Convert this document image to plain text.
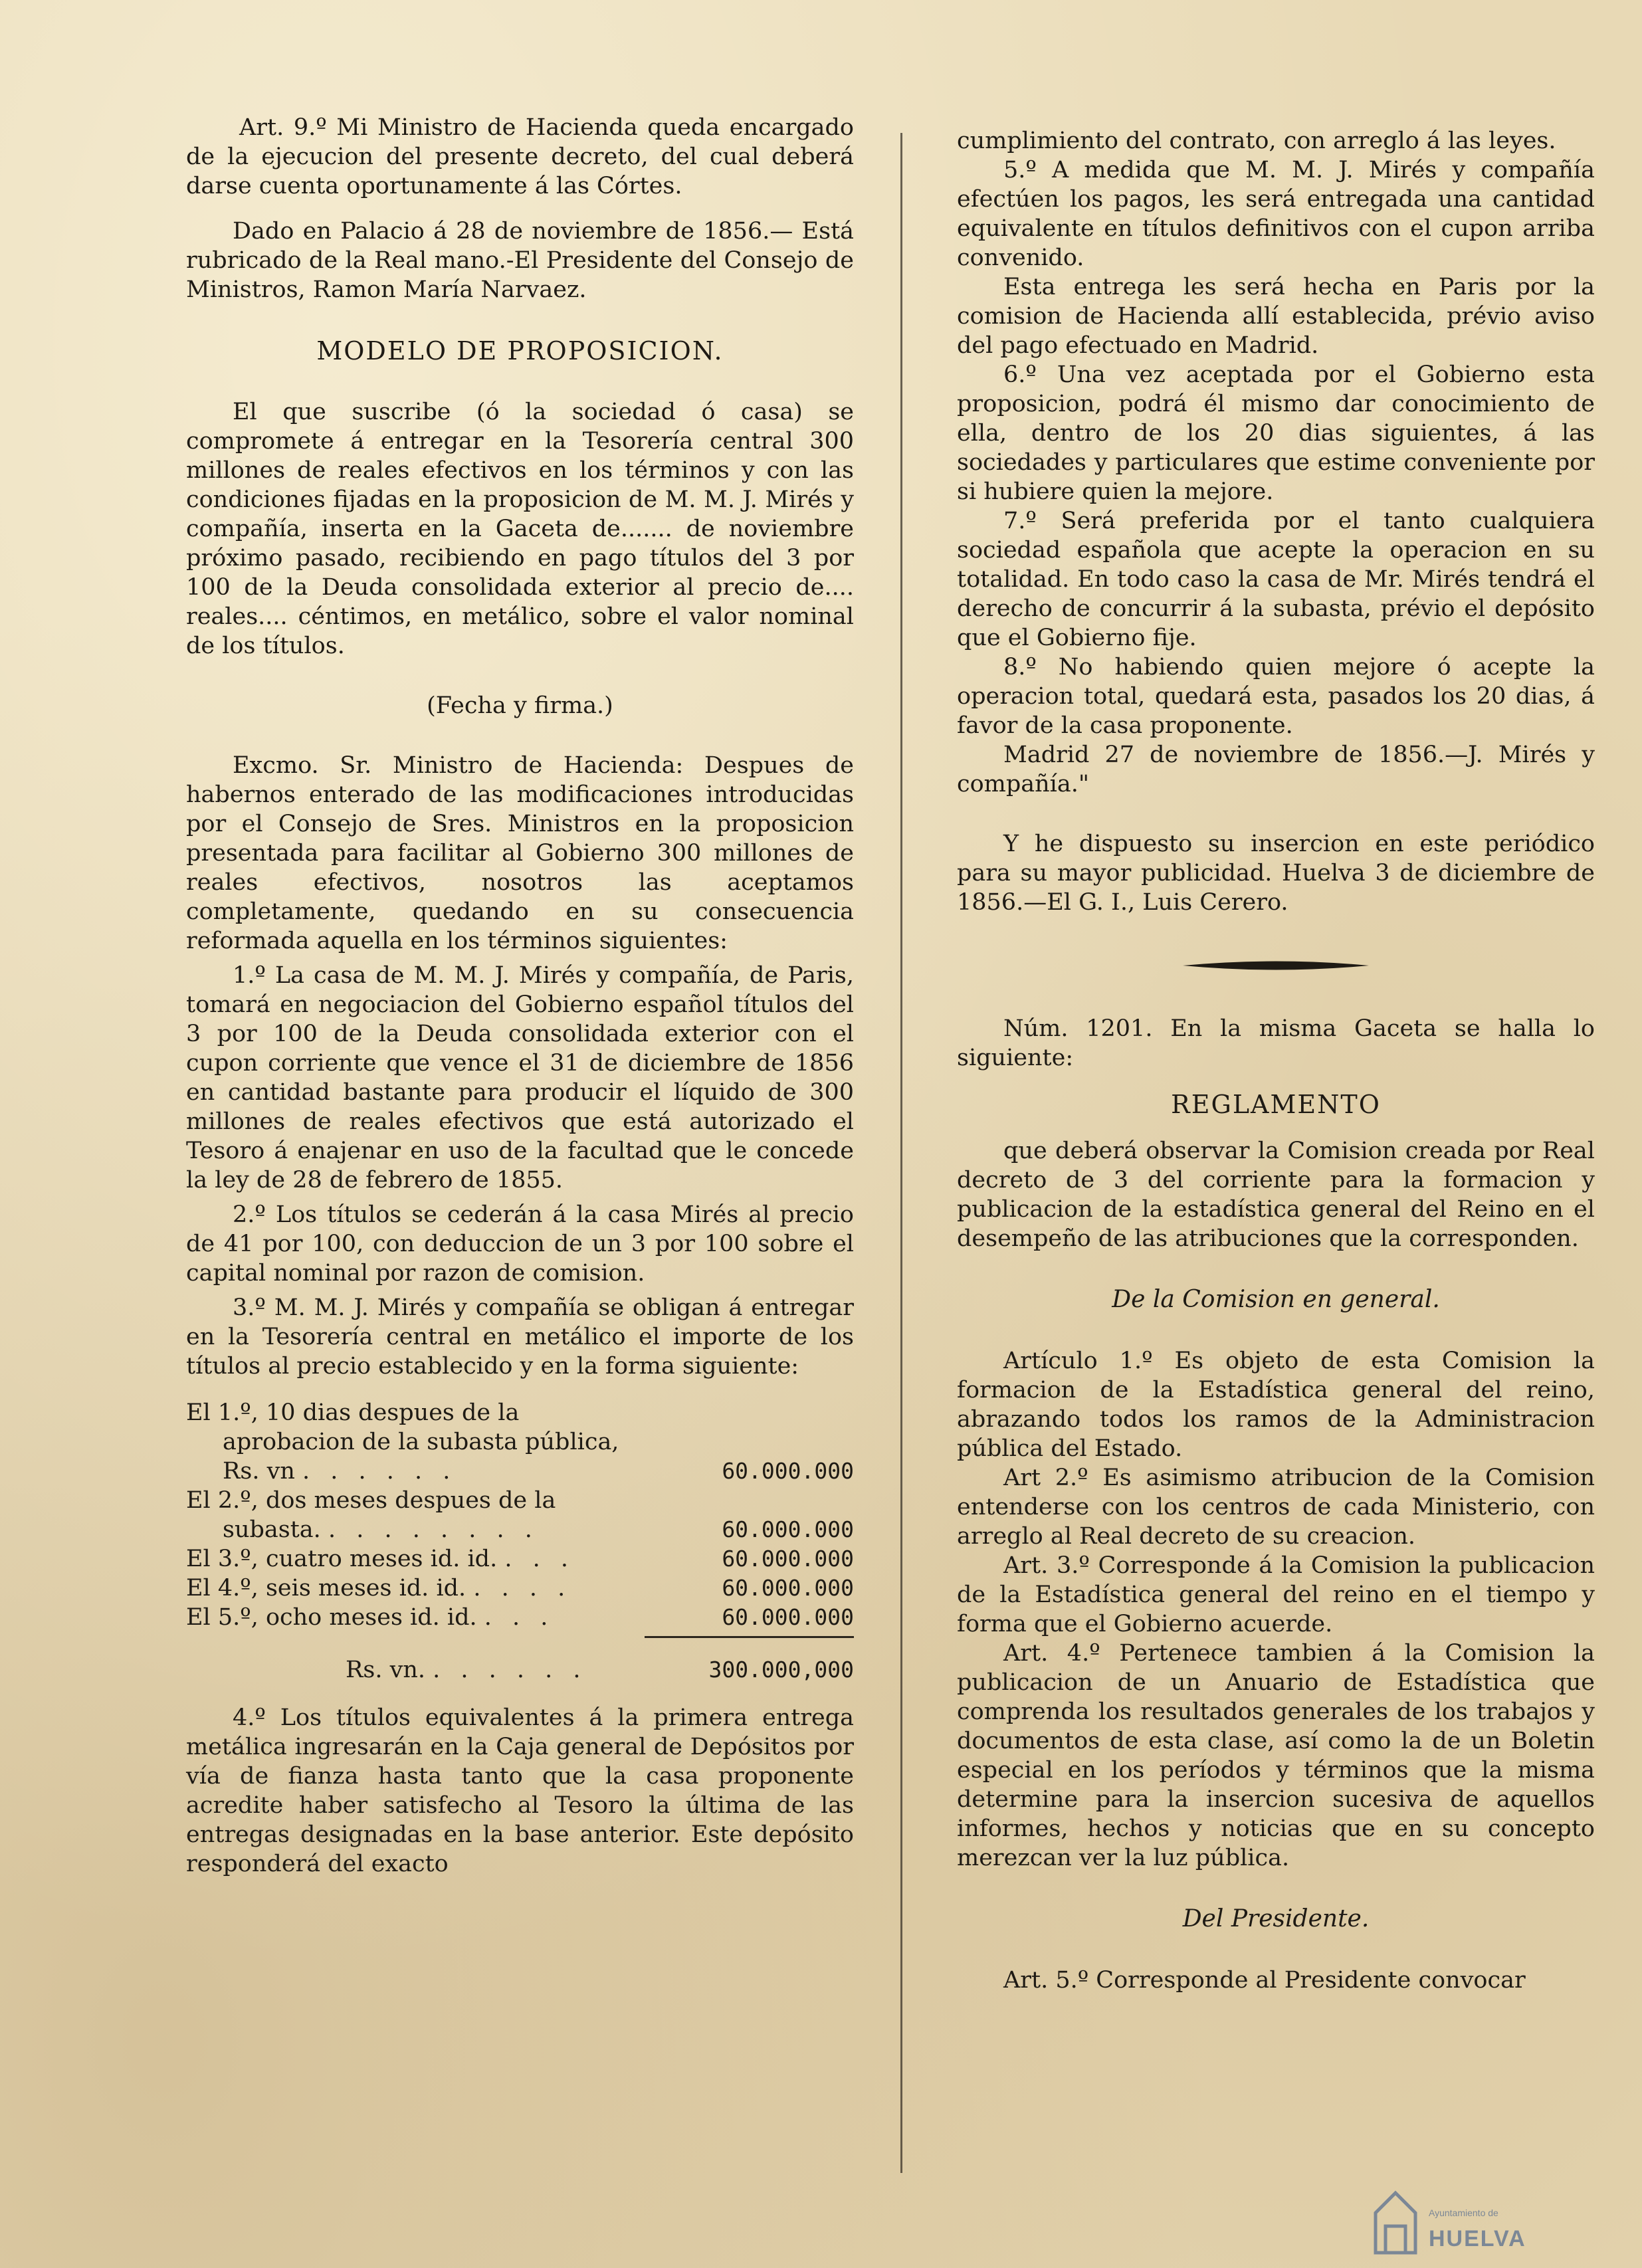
Art. 9.º Mi Ministro de Hacienda queda encargado de la ejecucion del presente decreto, del cual deberá darse cuenta oportunamente á las Córtes.

Dado en Palacio á 28 de noviembre de 1856.— Está rubricado de la Real mano.-El Presidente del Consejo de Ministros, Ramon María Narvaez.

MODELO DE PROPOSICION.

El que suscribe (ó la sociedad ó casa) se compromete á entregar en la Tesorería central 300 millones de reales efectivos en los términos y con las condiciones fijadas en la proposicion de M. M. J. Mirés y compañía, inserta en la Gaceta de....... de noviembre próximo pasado, recibiendo en pago títulos del 3 por 100 de la Deuda consolidada exterior al precio de.... reales.... céntimos, en metálico, sobre el valor nominal de los títulos.

(Fecha y firma.)

Excmo. Sr. Ministro de Hacienda: Despues de habernos enterado de las modificaciones introducidas por el Consejo de Sres. Ministros en la proposicion presentada para facilitar al Gobierno 300 millones de reales efectivos, nosotros las aceptamos completamente, quedando en su consecuencia reformada aquella en los términos siguientes:

1.º La casa de M. M. J. Mirés y compañía, de Paris, tomará en negociacion del Gobierno español títulos del 3 por 100 de la Deuda consolidada exterior con el cupon corriente que vence el 31 de diciembre de 1856 en cantidad bastante para producir el líquido de 300 millones de reales efectivos que está autorizado el Tesoro á enajenar en uso de la facultad que le concede la ley de 28 de febrero de 1855.

2.º Los títulos se cederán á la casa Mirés al precio de 41 por 100, con deduccion de un 3 por 100 sobre el capital nominal por razon de comision.

3.º M. M. J. Mirés y compañía se obligan á entregar en la Tesorería central en metálico el importe de los títulos al precio establecido y en la forma siguiente:

El 1.º, 10 dias despues de la
aprobacion de la subasta pública,
Rs. vn . . . . . .	60.000.000
El 2.º, dos meses despues de la
subasta. . . . . . . . .	60.000.000
El 3.º, cuatro meses id. id. . . .	60.000.000
El 4.º, seis meses id. id. . . . .	60.000.000
El 5.º, ocho meses id. id. . . .	60.000.000
Rs. vn. . . . . . .	300.000,000

4.º Los títulos equivalentes á la primera entrega metálica ingresarán en la Caja general de Depósitos por vía de fianza hasta tanto que la casa proponente acredite haber satisfecho al Tesoro la última de las entregas designadas en la base anterior. Este depósito responderá del exacto

cumplimiento del contrato, con arreglo á las leyes.

5.º A medida que M. M. J. Mirés y compañía efectúen los pagos, les será entregada una cantidad equivalente en títulos definitivos con el cupon arriba convenido.

Esta entrega les será hecha en Paris por la comision de Hacienda allí establecida, prévio aviso del pago efectuado en Madrid.

6.º Una vez aceptada por el Gobierno esta proposicion, podrá él mismo dar conocimiento de ella, dentro de los 20 dias siguientes, á las sociedades y particulares que estime conveniente por si hubiere quien la mejore.

7.º Será preferida por el tanto cualquiera sociedad española que acepte la operacion en su totalidad. En todo caso la casa de Mr. Mirés tendrá el derecho de concurrir á la subasta, prévio el depósito que el Gobierno fije.

8.º No habiendo quien mejore ó acepte la operacion total, quedará esta, pasados los 20 dias, á favor de la casa proponente.

Madrid 27 de noviembre de 1856.—J. Mirés y compañía."

Y he dispuesto su insercion en este periódico para su mayor publicidad. Huelva 3 de diciembre de 1856.—El G. I., Luis Cerero.

Núm. 1201. En la misma Gaceta se halla lo siguiente:

REGLAMENTO

que deberá observar la Comision creada por Real decreto de 3 del corriente para la formacion y publicacion de la estadística general del Reino en el desempeño de las atribuciones que la corresponden.

De la Comision en general.

Artículo 1.º Es objeto de esta Comision la formacion de la Estadística general del reino, abrazando todos los ramos de la Administracion pública del Estado.

Art 2.º Es asimismo atribucion de la Comision entenderse con los centros de cada Ministerio, con arreglo al Real decreto de su creacion.

Art. 3.º Corresponde á la Comision la publicacion de la Estadística general del reino en el tiempo y forma que el Gobierno acuerde.

Art. 4.º Pertenece tambien á la Comision la publicacion de un Anuario de Estadística que comprenda los resultados generales de los trabajos y documentos de esta clase, así como la de un Boletin especial en los períodos y términos que la misma determine para la insercion sucesiva de aquellos informes, hechos y noticias que en su concepto merezcan ver la luz pública.

Del Presidente.

Art. 5.º Corresponde al Presidente convocar

Ayuntamiento de
HUELVA
